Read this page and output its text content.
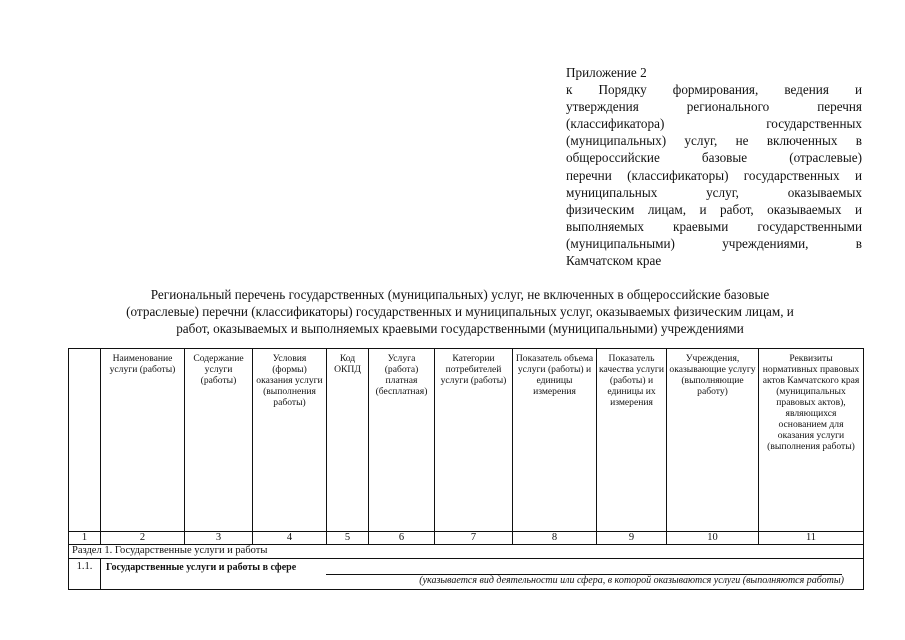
Приложение 2
к Порядку формирования, ведения и
утверждения регионального перечня
(классификатора) государственных
(муниципальных) услуг, не включенных в
общероссийские базовые (отраслевые)
перечни (классификаторы) государственных и
муниципальных услуг, оказываемых
физическим лицам, и работ, оказываемых и
выполняемых краевыми государственными
(муниципальными) учреждениями, в
Камчатском крае
Региональный перечень государственных (муниципальных) услуг, не включенных в общероссийские базовые
(отраслевые) перечни (классификаторы) государственных и муниципальных услуг, оказываемых физическим лицам, и
работ, оказываемых и выполняемых краевыми государственными (муниципальными) учреждениями
	Наименование услуги (работы)	Содержание услуги (работы)	Условия (формы) оказания услуги (выполнения работы)	Код ОКПД	Услуга (работа) платная (бесплатная)	Категории потребителей услуги (работы)	Показатель объема услуги (работы) и единицы измерения	Показатель качества услуги (работы) и единицы их измерения	Учреждения, оказывающие услугу (выполняющие работу)	Реквизиты нормативных правовых актов Камчатского края (муниципальных правовых актов), являющихся основанием для оказания услуги (выполнения работы)
1	2	3	4	5	6	7	8	9	10	11
Раздел 1. Государственные услуги и работы										
1.1.	Государственные услуги и работы в сфере
(указывается вид деятельности или сфера, в которой оказываются услуги (выполняются работы)									
